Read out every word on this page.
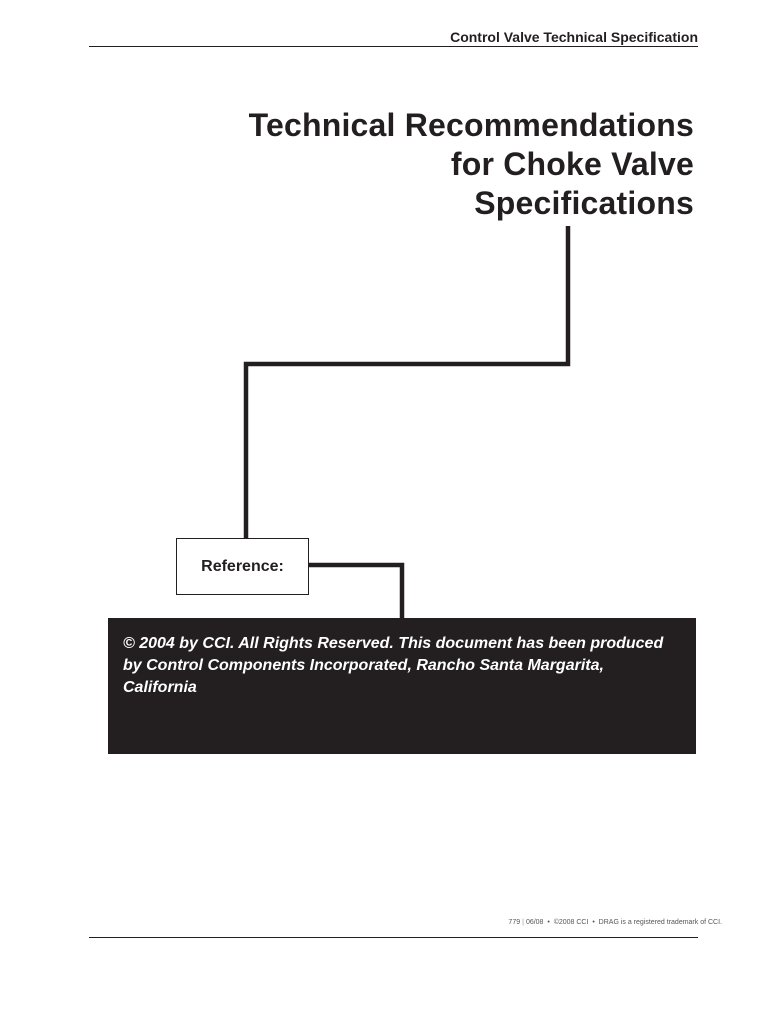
Control Valve Technical Specification
Technical Recommendations
for Choke Valve
Specifications
Reference:
© 2004 by CCI. All Rights Reserved. This document has been produced by Control Components Incorporated, Rancho Santa Margarita, California
779 | 06/08  •  ©2008 CCI  •  DRAG is a registered trademark of CCI.
